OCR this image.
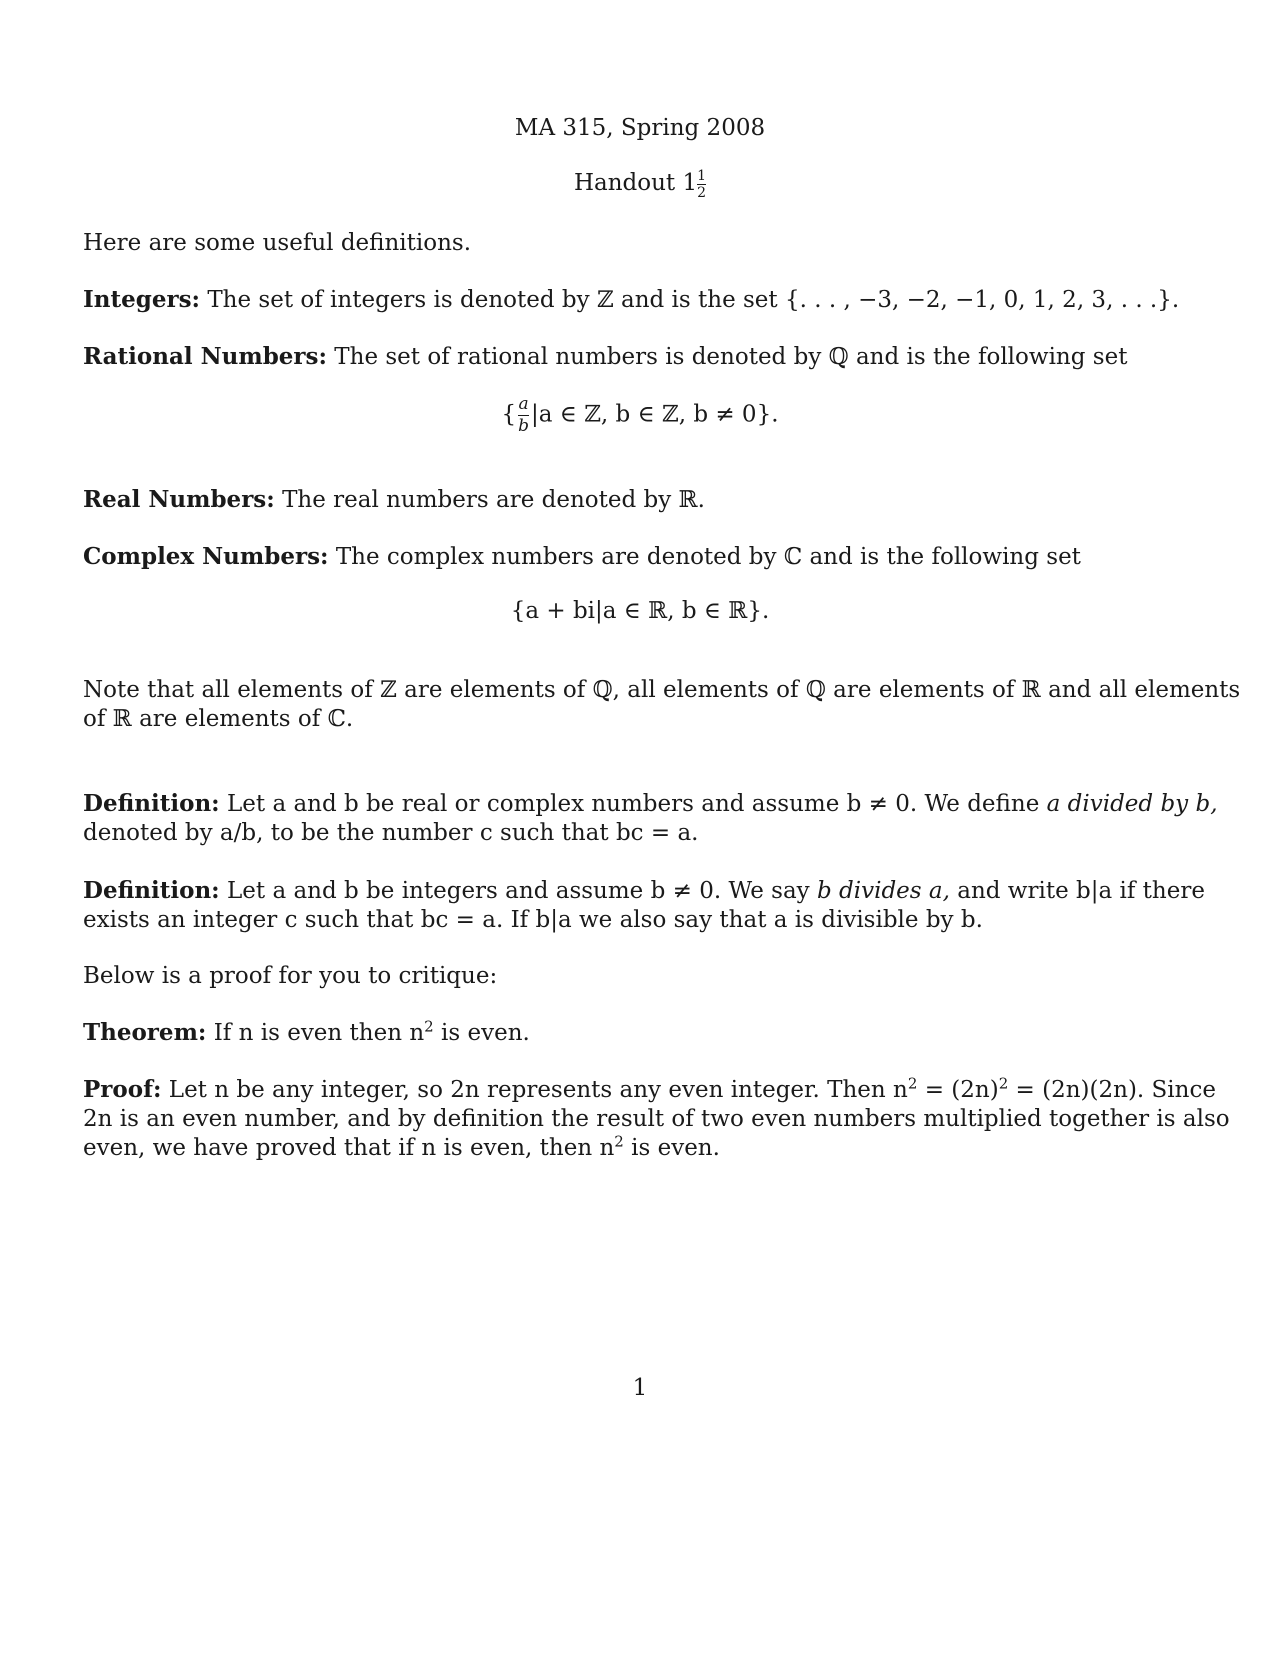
MA 315, Spring 2008
Handout $1 \frac{1}{2}$
Here are some useful definitions.
Integers: The set of integers is denoted by ℤ and is the set {. . . , −3, −2, −1, 0, 1, 2, 3, . . .}.
Rational Numbers: The set of rational numbers is denoted by ℚ and is the following set
{ $\frac{a}{b} |a$ ∈ ℤ, b ∈ ℤ, b ≠ 0}.
Real Numbers: The real numbers are denoted by ℝ.
Complex Numbers: The complex numbers are denoted by ℂ and is the following set
{a + bi|a ∈ ℝ, b ∈ ℝ}.
Note that all elements of ℤ are elements of ℚ, all elements of ℚ are elements of ℝ and all elements
of ℝ are elements of ℂ.
Definition: Let a and b be real or complex numbers and assume b ≠ 0. We define a divided by b,
denoted by a/b, to be the number c such that bc = a.
Definition: Let a and b be integers and assume b ≠ 0. We say b divides a, and write b|a if there
exists an integer c such that bc = a. If b|a we also say that a is divisible by b.
Below is a proof for you to critique:
Theorem: If n is even then $n^2$ is even.
Proof: Let n be any integer, so 2n represents any even integer. Then $n^2 = (2n)^2 = (2n)(2n)$. Since
2n is an even number, and by definition the result of two even numbers multiplied together is also
even, we have proved that if n is even, then $n^2$ is even.
1
